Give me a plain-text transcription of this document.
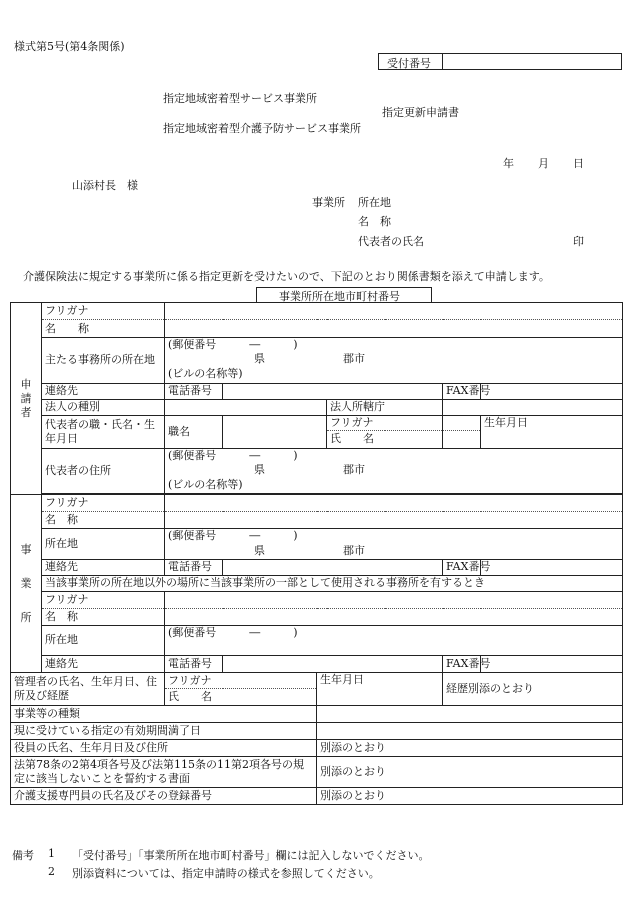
様式第5号(第4条関係)
受付番号
指定地域密着型サービス事業所
指定更新申請書
指定地域密着型介護予防サービス事業所
年 月 日
山添村長　様
事業所 所在地
名　称
代表者の氏名	印
介護保険法に規定する事業所に係る指定更新を受けたいので、下記のとおり関係書類を添えて申請します。
事業所所在地市町村番号
申
請
者	フリガナ						
	名　　称						
	主たる事務所の所在地	(郵便番号　　　―　　　)					
		県 郡市					
		(ビルの名称等)					
	連絡先	電話番号				FAX番号	
	法人の種別				法人所轄庁		
	代表者の職・氏名・生年月日	職名			フリガナ		生年月日
					氏　　名		
	代表者の住所	(郵便番号　　　―　　　)					
		県 郡市					
		(ビルの名称等)					

事
業
所	フリガナ						
	名　称						
	所在地	(郵便番号　　　―　　　)					
		県 郡市					
	連絡先	電話番号				FAX番号	
	当該事業所の所在地以外の場所に当該事業所の一部として使用される事務所を有するとき						
	フリガナ						
	名　称						
	所在地	(郵便番号　　　―　　　)					

	連絡先	電話番号				FAX番号	
管理者の氏名、生年月日、住所及び経歴		フリガナ		生年月日		経歴別添のとおり	
		氏　　名					
事業等の種類							
現に受けている指定の有効期間満了日							
役員の氏名、生年月日及び住所				別添のとおり			
法第78条の2第4項各号及び法第115条の11第2項各号の規定に該当しないことを誓約する書面				別添のとおり			
介護支援専門員の氏名及びその登録番号				別添のとおり			
備考 1 「受付番号」「事業所所在地市町村番号」欄には記入しないでください。
2 別添資料については、指定申請時の様式を参照してください。
